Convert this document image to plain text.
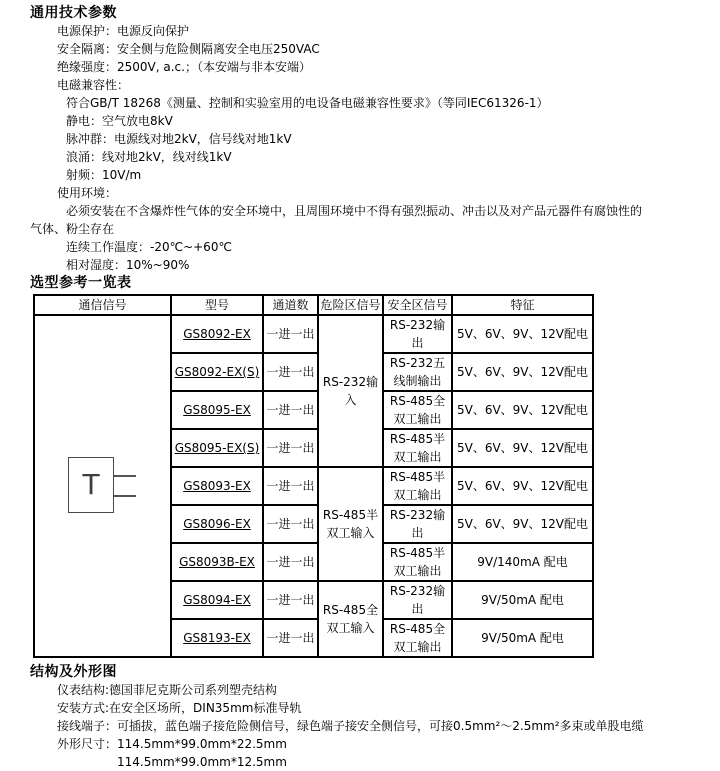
通用技术参数
电源保护：电源反向保护
安全隔离：安全侧与危险侧隔离安全电压250VAC
绝缘强度：2500V, a.c.；（本安端与非本安端）
电磁兼容性：
符合GB/T 18268《测量、控制和实验室用的电设备电磁兼容性要求》（等同IEC61326-1）
静电：空气放电8kV
脉冲群：电源线对地2kV，信号线对地1kV
浪涌：线对地2kV，线对线1kV
射频：10V/m
使用环境：
必须安装在不含爆炸性气体的安全环境中，且周围环境中不得有强烈振动、冲击以及对产品元器件有腐蚀性的
气体、粉尘存在
连续工作温度：-20℃~+60℃
相对湿度：10%~90%
选型参考一览表
通信信号	型号	通道数	危险区信号	安全区信号	特征

T	GS8092-EX	一进一出	RS-232输入	RS-232输出	5V、6V、9V、12V配电
	GS8092-EX(S)	一进一出		RS-232五线制输出	5V、6V、9V、12V配电
	GS8095-EX	一进一出		RS-485全双工输出	5V、6V、9V、12V配电
	GS8095-EX(S)	一进一出		RS-485半双工输出	5V、6V、9V、12V配电
	GS8093-EX	一进一出	RS-485半双工输入	RS-485半双工输出	5V、6V、9V、12V配电
	GS8096-EX	一进一出		RS-232输出	5V、6V、9V、12V配电
	GS8093B-EX	一进一出		RS-485半双工输出	9V/140mA 配电
	GS8094-EX	一进一出	RS-485全双工输入	RS-232输出	9V/50mA 配电
	GS8193-EX	一进一出		RS-485全双工输出	9V/50mA 配电
结构及外形图
仪表结构:德国菲尼克斯公司系列塑壳结构
安装方式:在安全区场所，DIN35mm标准导轨
接线端子：可插拔，蓝色端子接危险侧信号，绿色端子接安全侧信号，可接0.5mm²～2.5mm²多束或单股电缆
外形尺寸：114.5mm*99.0mm*22.5mm
114.5mm*99.0mm*12.5mm
